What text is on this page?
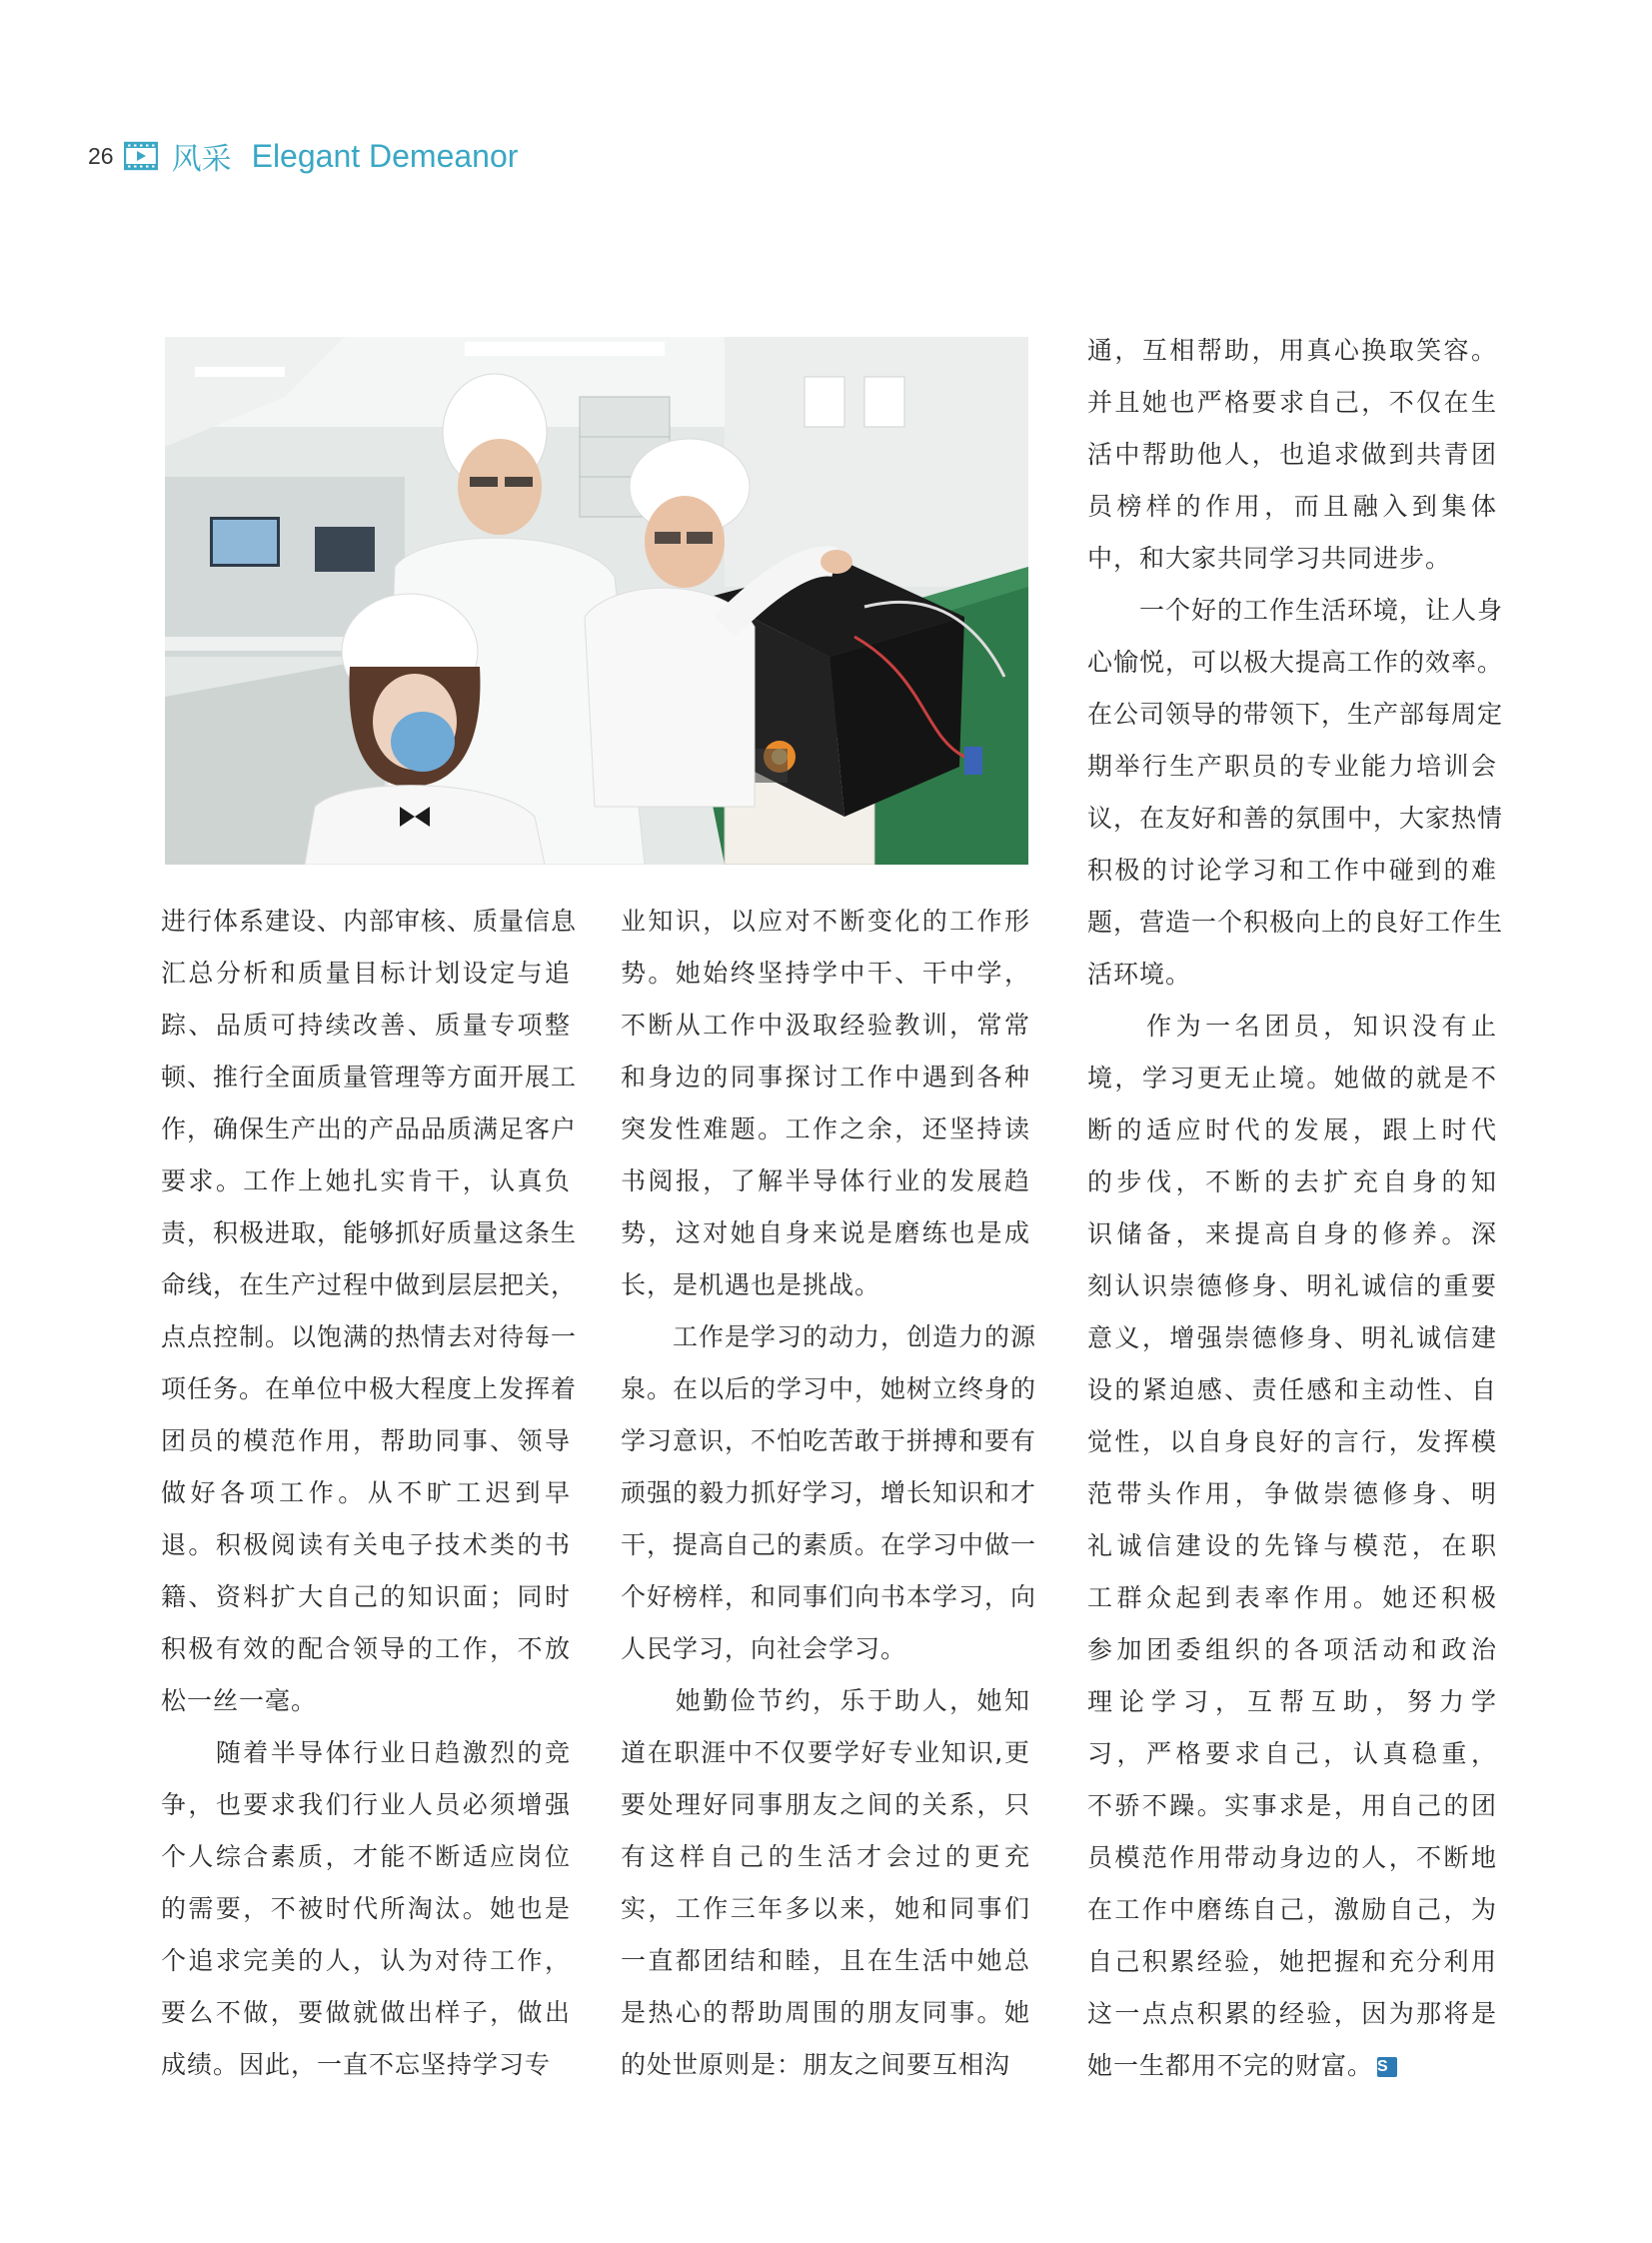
26 风采 Elegant Demeanor
进行体系建设、内部审核、质量信息
汇总分析和质量目标计划设定与追
踪、品质可持续改善、质量专项整
顿、推行全面质量管理等方面开展工
作，确保生产出的产品品质满足客户
要求。工作上她扎实肯干，认真负
责，积极进取，能够抓好质量这条生
命线，在生产过程中做到层层把关，
点点控制。以饱满的热情去对待每一
项任务。在单位中极大程度上发挥着
团员的模范作用，帮助同事、领导
做好各项工作。从不旷工迟到早
退。积极阅读有关电子技术类的书
籍、资料扩大自己的知识面；同时
积极有效的配合领导的工作，不放
松一丝一毫。
　　随着半导体行业日趋激烈的竞
争，也要求我们行业人员必须增强
个人综合素质，才能不断适应岗位
的需要，不被时代所淘汰。她也是
个追求完美的人，认为对待工作，
要么不做，要做就做出样子，做出
成绩。因此，一直不忘坚持学习专
业知识，以应对不断变化的工作形
势。她始终坚持学中干、干中学，
不断从工作中汲取经验教训，常常
和身边的同事探讨工作中遇到各种
突发性难题。工作之余，还坚持读
书阅报，了解半导体行业的发展趋
势，这对她自身来说是磨练也是成
长，是机遇也是挑战。
　　工作是学习的动力，创造力的源
泉。在以后的学习中，她树立终身的
学习意识，不怕吃苦敢于拼搏和要有
顽强的毅力抓好学习，增长知识和才
干，提高自己的素质。在学习中做一
个好榜样，和同事们向书本学习，向
人民学习，向社会学习。
　　她勤俭节约，乐于助人，她知
道在职涯中不仅要学好专业知识,更
要处理好同事朋友之间的关系，只
有这样自己的生活才会过的更充
实，工作三年多以来，她和同事们
一直都团结和睦，且在生活中她总
是热心的帮助周围的朋友同事。她
的处世原则是：朋友之间要互相沟
通，互相帮助，用真心换取笑容。
并且她也严格要求自己，不仅在生
活中帮助他人，也追求做到共青团
员榜样的作用，而且融入到集体
中，和大家共同学习共同进步。
　　一个好的工作生活环境，让人身
心愉悦，可以极大提高工作的效率。
在公司领导的带领下，生产部每周定
期举行生产职员的专业能力培训会
议，在友好和善的氛围中，大家热情
积极的讨论学习和工作中碰到的难
题，营造一个积极向上的良好工作生
活环境。
　　作为一名团员，知识没有止
境，学习更无止境。她做的就是不
断的适应时代的发展，跟上时代
的步伐，不断的去扩充自身的知
识储备，来提高自身的修养。深
刻认识崇德修身、明礼诚信的重要
意义，增强崇德修身、明礼诚信建
设的紧迫感、责任感和主动性、自
觉性，以自身良好的言行，发挥模
范带头作用，争做崇德修身、明
礼诚信建设的先锋与模范，在职
工群众起到表率作用。她还积极
参加团委组织的各项活动和政治
理论学习，互帮互助，努力学
习，严格要求自己，认真稳重，
不骄不躁。实事求是，用自己的团
员模范作用带动身边的人，不断地
在工作中磨练自己，激励自己，为
自己积累经验，她把握和充分利用
这一点点积累的经验，因为那将是
她一生都用不完的财富。 S
